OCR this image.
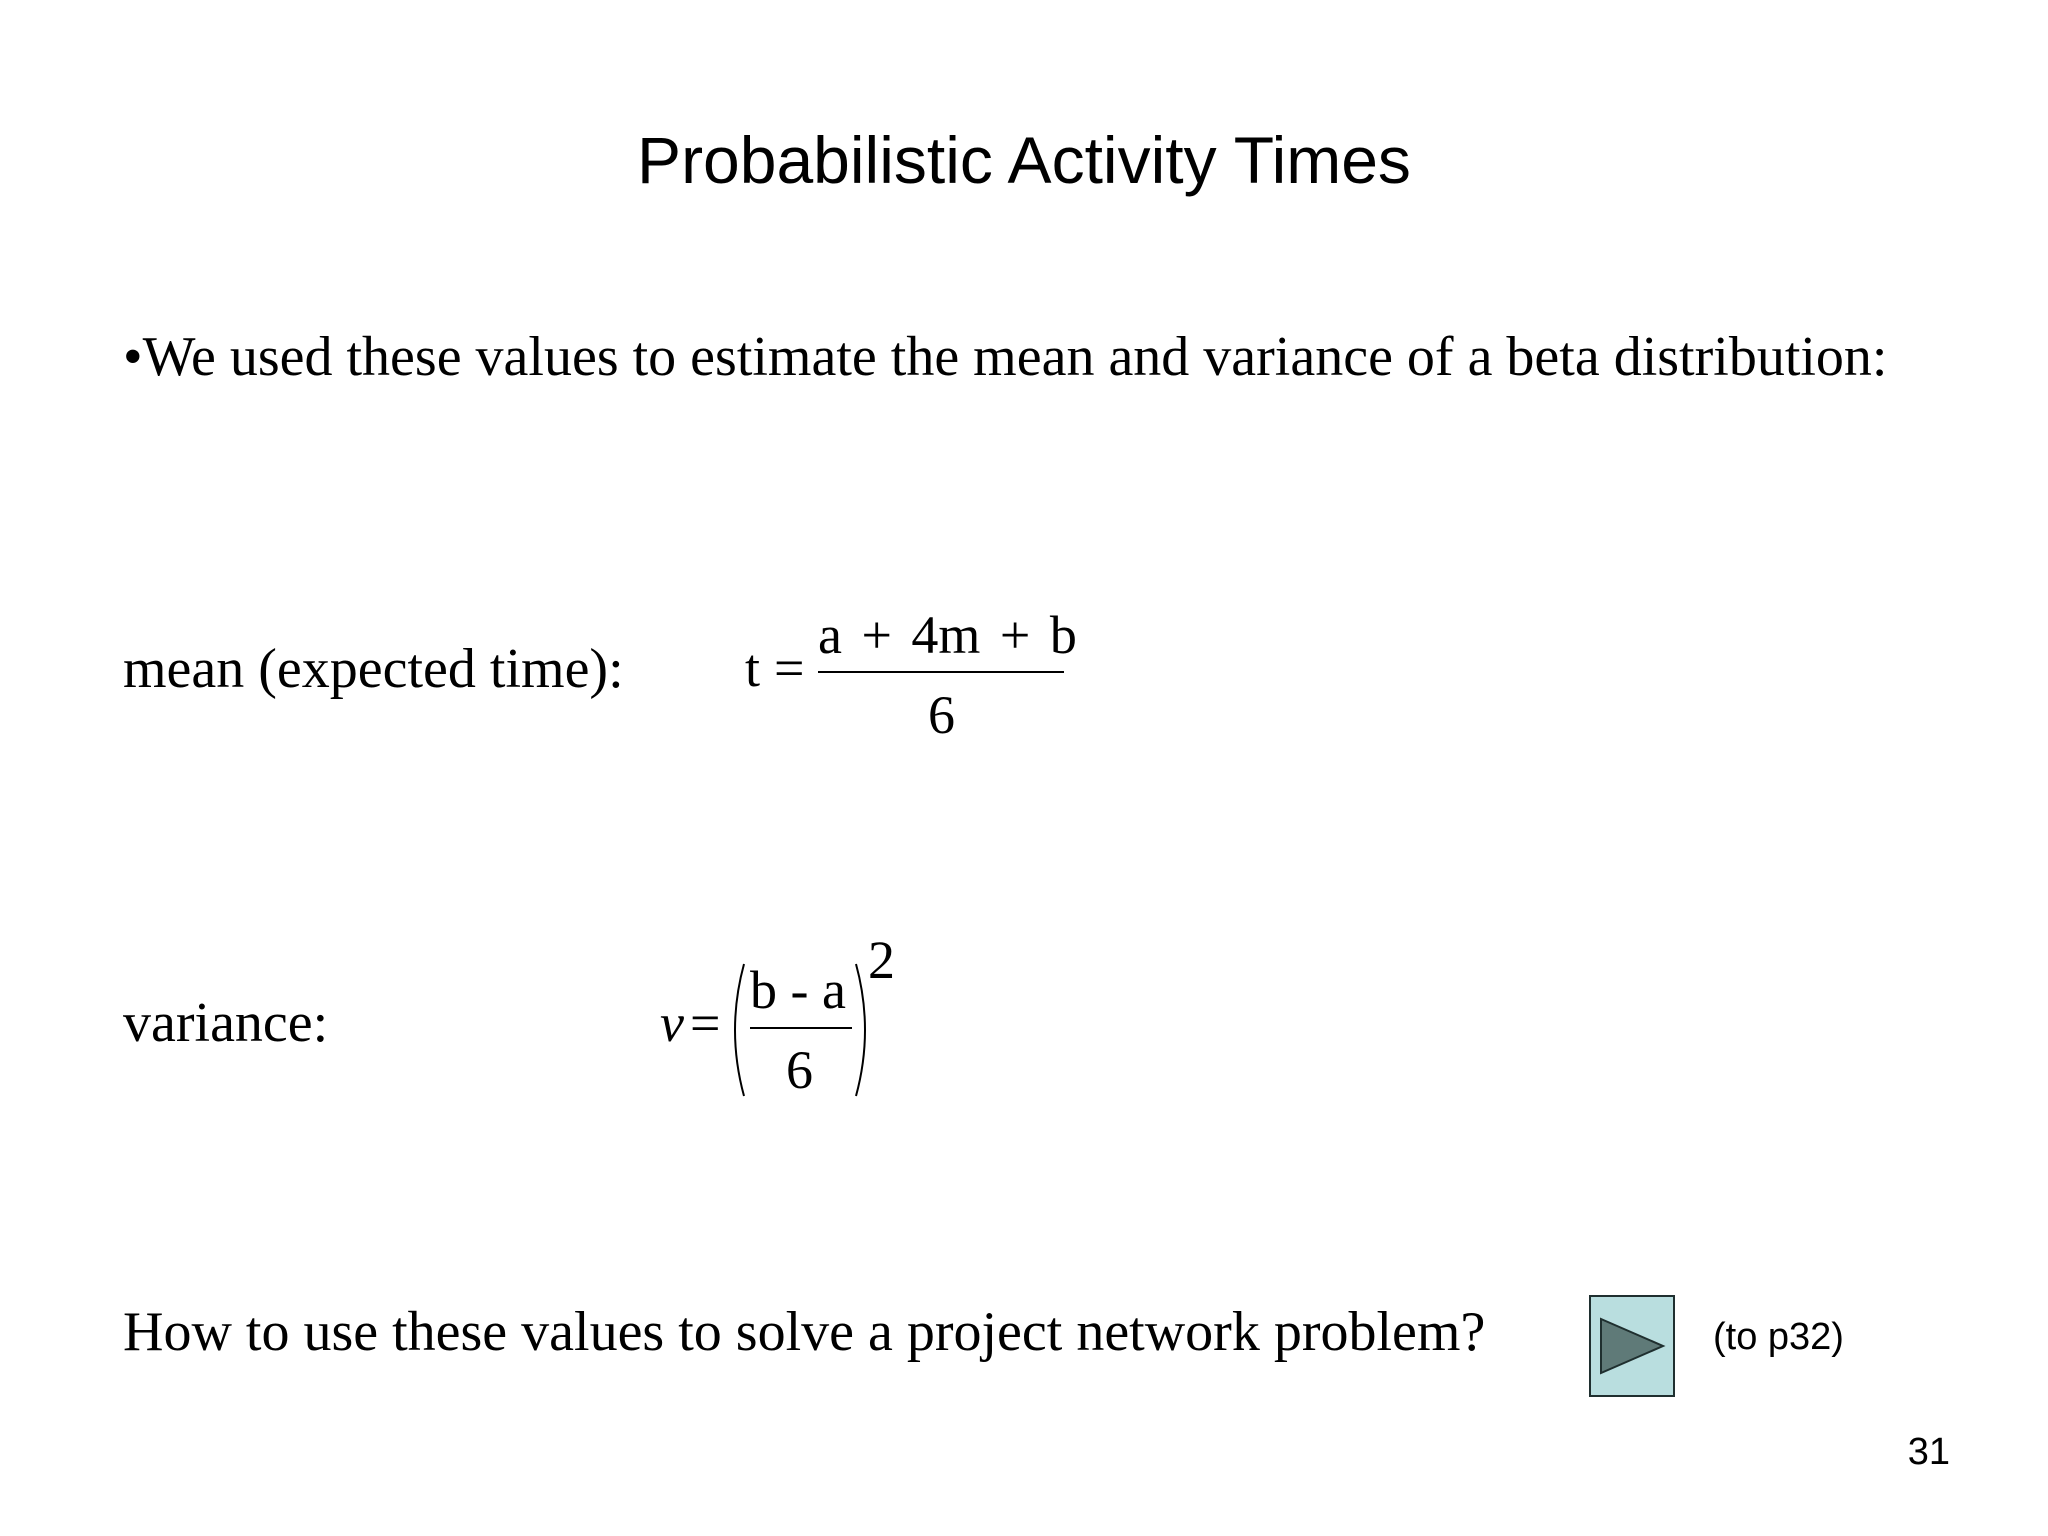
Probabilistic Activity Times
•We used these values to estimate the mean and variance of a beta distribution:
mean (expected time): t =
a + 4m + b
6
variance:	v =
b - a
6
2
How to use these values to solve a project network problem?	(to p32)
31
